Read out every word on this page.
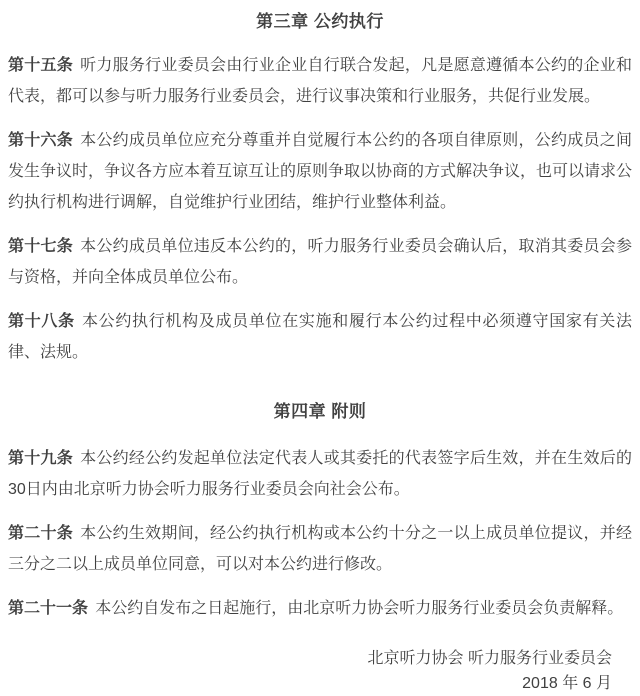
第三章 公约执行

第十五条 听力服务行业委员会由行业企业自行联合发起，凡是愿意遵循本公约的企业和代表，都可以参与听力服务行业委员会，进行议事决策和行业服务，共促行业发展。

第十六条 本公约成员单位应充分尊重并自觉履行本公约的各项自律原则，公约成员之间发生争议时，争议各方应本着互谅互让的原则争取以协商的方式解决争议，也可以请求公约执行机构进行调解，自觉维护行业团结，维护行业整体利益。

第十七条 本公约成员单位违反本公约的，听力服务行业委员会确认后，取消其委员会参与资格，并向全体成员单位公布。

第十八条 本公约执行机构及成员单位在实施和履行本公约过程中必须遵守国家有关法律、法规。

第四章 附则

第十九条 本公约经公约发起单位法定代表人或其委托的代表签字后生效，并在生效后的30日内由北京听力协会听力服务行业委员会向社会公布。

第二十条 本公约生效期间，经公约执行机构或本公约十分之一以上成员单位提议，并经三分之二以上成员单位同意，可以对本公约进行修改。

第二十一条 本公约自发布之日起施行，由北京听力协会听力服务行业委员会负责解释。

北京听力协会 听力服务行业委员会

2018 年 6 月
